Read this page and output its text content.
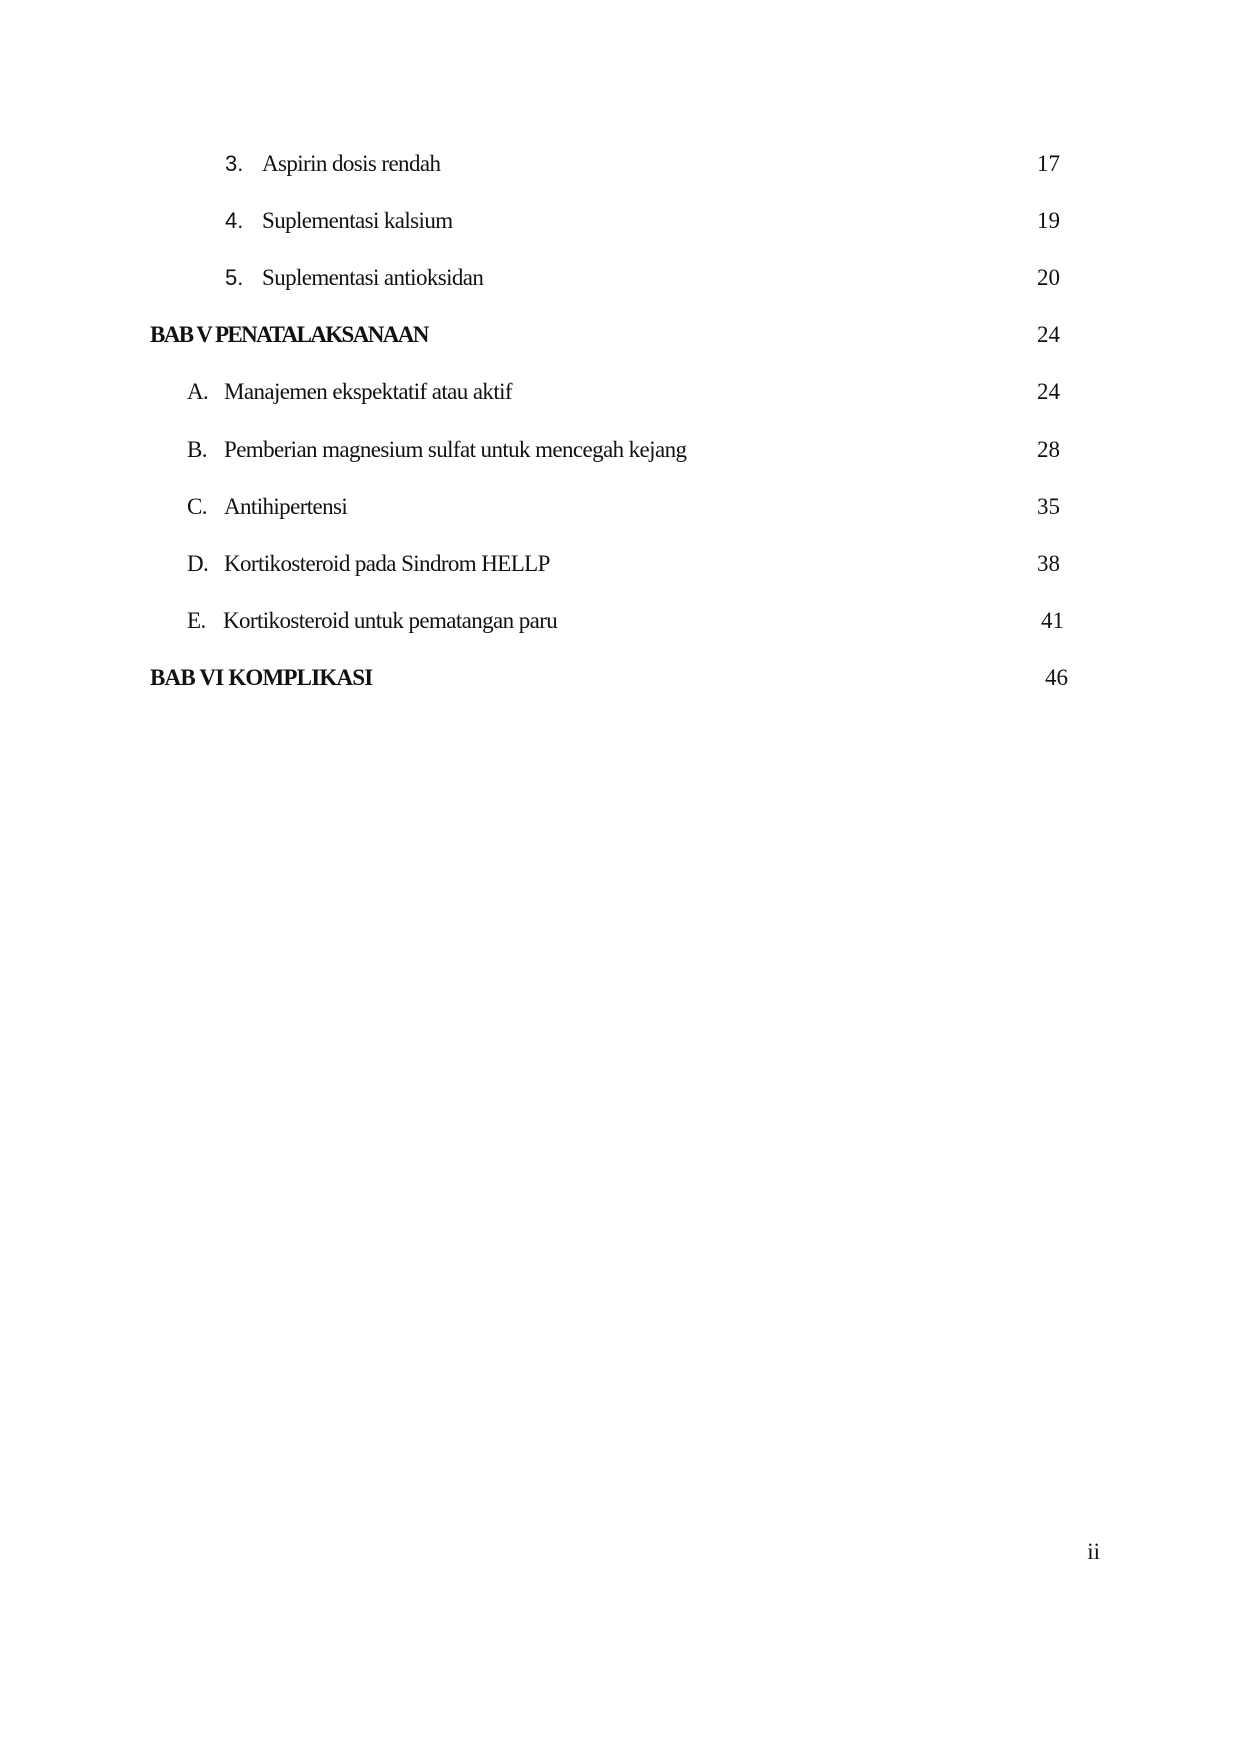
3. Aspirin dosis rendah	17
4. Suplementasi kalsium	19
5. Suplementasi antioksidan	20
BAB V PENATALAKSANAAN	24
A. Manajemen ekspektatif atau aktif	24
B. Pemberian magnesium sulfat untuk mencegah kejang	28
C. Antihipertensi	35
D. Kortikosteroid pada Sindrom HELLP	38
E. Kortikosteroid untuk pematangan paru	41
BAB VI KOMPLIKASI	46
ii
